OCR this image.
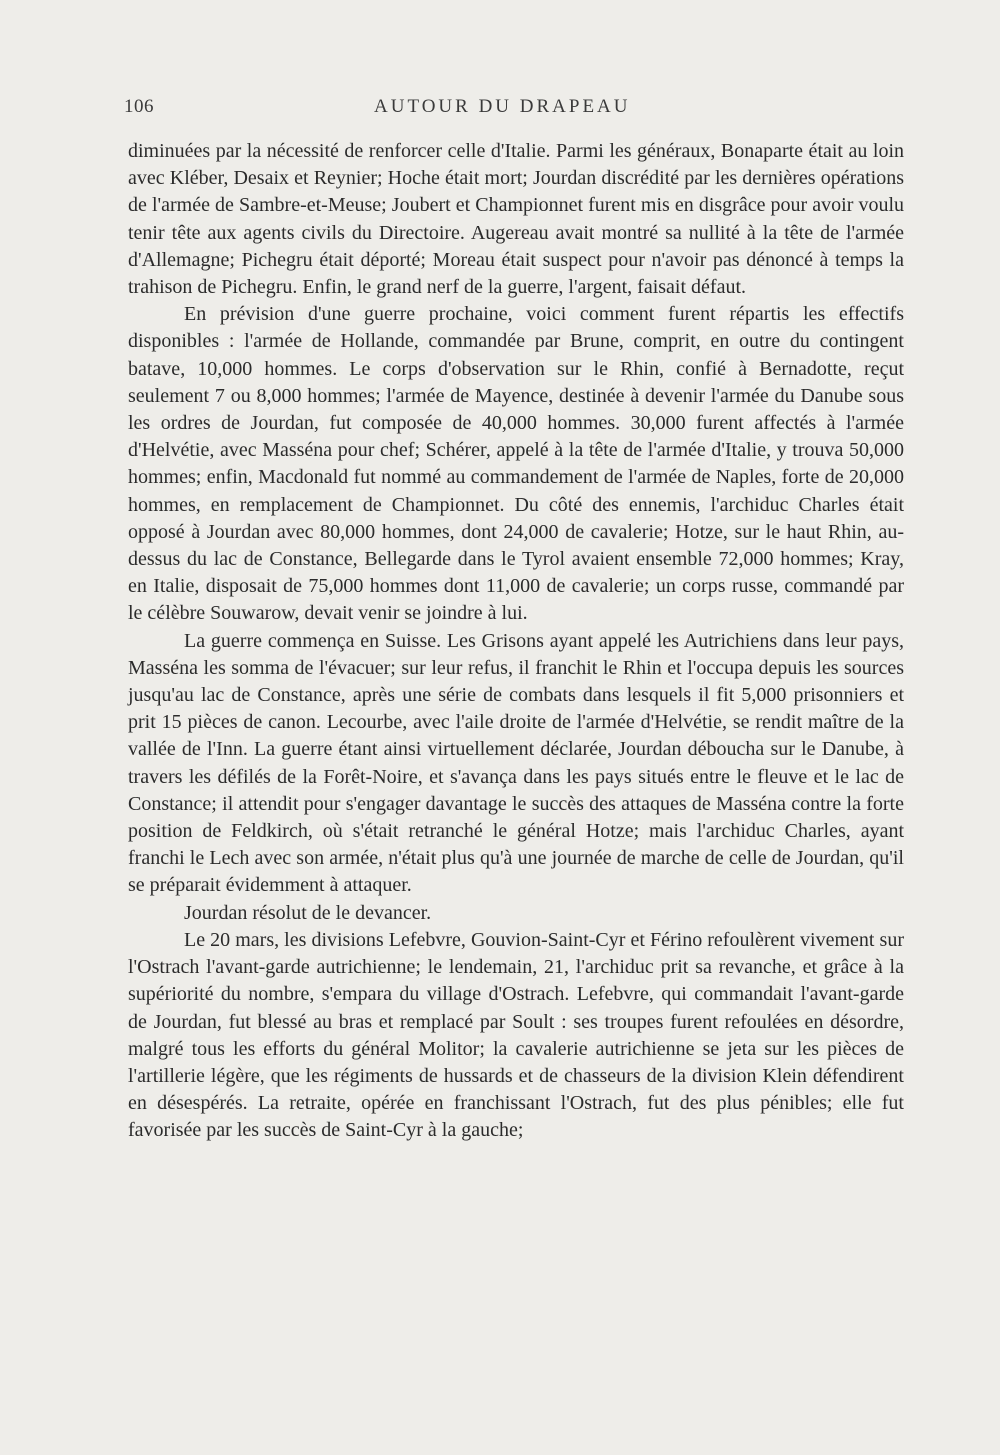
106	AUTOUR DU DRAPEAU

diminuées par la nécessité de renforcer celle d'Italie. Parmi les généraux, Bonaparte était au loin avec Kléber, Desaix et Reynier; Hoche était mort; Jourdan discrédité par les dernières opérations de l'armée de Sambre-et-Meuse; Joubert et Championnet furent mis en disgrâce pour avoir voulu tenir tête aux agents civils du Directoire. Augereau avait montré sa nullité à la tête de l'armée d'Allemagne; Pichegru était déporté; Moreau était suspect pour n'avoir pas dénoncé à temps la trahison de Pichegru. Enfin, le grand nerf de la guerre, l'argent, faisait défaut.

En prévision d'une guerre prochaine, voici comment furent répartis les effectifs disponibles : l'armée de Hollande, commandée par Brune, comprit, en outre du contingent batave, 10,000 hommes. Le corps d'observation sur le Rhin, confié à Bernadotte, reçut seulement 7 ou 8,000 hommes; l'armée de Mayence, destinée à devenir l'armée du Danube sous les ordres de Jourdan, fut composée de 40,000 hommes. 30,000 furent affectés à l'armée d'Helvétie, avec Masséna pour chef; Schérer, appelé à la tête de l'armée d'Italie, y trouva 50,000 hommes; enfin, Macdonald fut nommé au commandement de l'armée de Naples, forte de 20,000 hommes, en remplacement de Championnet. Du côté des ennemis, l'archiduc Charles était opposé à Jourdan avec 80,000 hommes, dont 24,000 de cavalerie; Hotze, sur le haut Rhin, au-dessus du lac de Constance, Bellegarde dans le Tyrol avaient ensemble 72,000 hommes; Kray, en Italie, disposait de 75,000 hommes dont 11,000 de cavalerie; un corps russe, commandé par le célèbre Souwarow, devait venir se joindre à lui.

La guerre commença en Suisse. Les Grisons ayant appelé les Autrichiens dans leur pays, Masséna les somma de l'évacuer; sur leur refus, il franchit le Rhin et l'occupa depuis les sources jusqu'au lac de Constance, après une série de combats dans lesquels il fit 5,000 prisonniers et prit 15 pièces de canon. Lecourbe, avec l'aile droite de l'armée d'Helvétie, se rendit maître de la vallée de l'Inn. La guerre étant ainsi virtuellement déclarée, Jourdan déboucha sur le Danube, à travers les défilés de la Forêt-Noire, et s'avança dans les pays situés entre le fleuve et le lac de Constance; il attendit pour s'engager davantage le succès des attaques de Masséna contre la forte position de Feldkirch, où s'était retranché le général Hotze; mais l'archiduc Charles, ayant franchi le Lech avec son armée, n'était plus qu'à une journée de marche de celle de Jourdan, qu'il se préparait évidemment à attaquer.

Jourdan résolut de le devancer.

Le 20 mars, les divisions Lefebvre, Gouvion-Saint-Cyr et Férino refoulèrent vivement sur l'Ostrach l'avant-garde autrichienne; le lendemain, 21, l'archiduc prit sa revanche, et grâce à la supériorité du nombre, s'empara du village d'Ostrach. Lefebvre, qui commandait l'avant-garde de Jourdan, fut blessé au bras et remplacé par Soult : ses troupes furent refoulées en désordre, malgré tous les efforts du général Molitor; la cavalerie autrichienne se jeta sur les pièces de l'artillerie légère, que les régiments de hussards et de chasseurs de la division Klein défendirent en désespérés. La retraite, opérée en franchissant l'Ostrach, fut des plus pénibles; elle fut favorisée par les succès de Saint-Cyr à la gauche;
